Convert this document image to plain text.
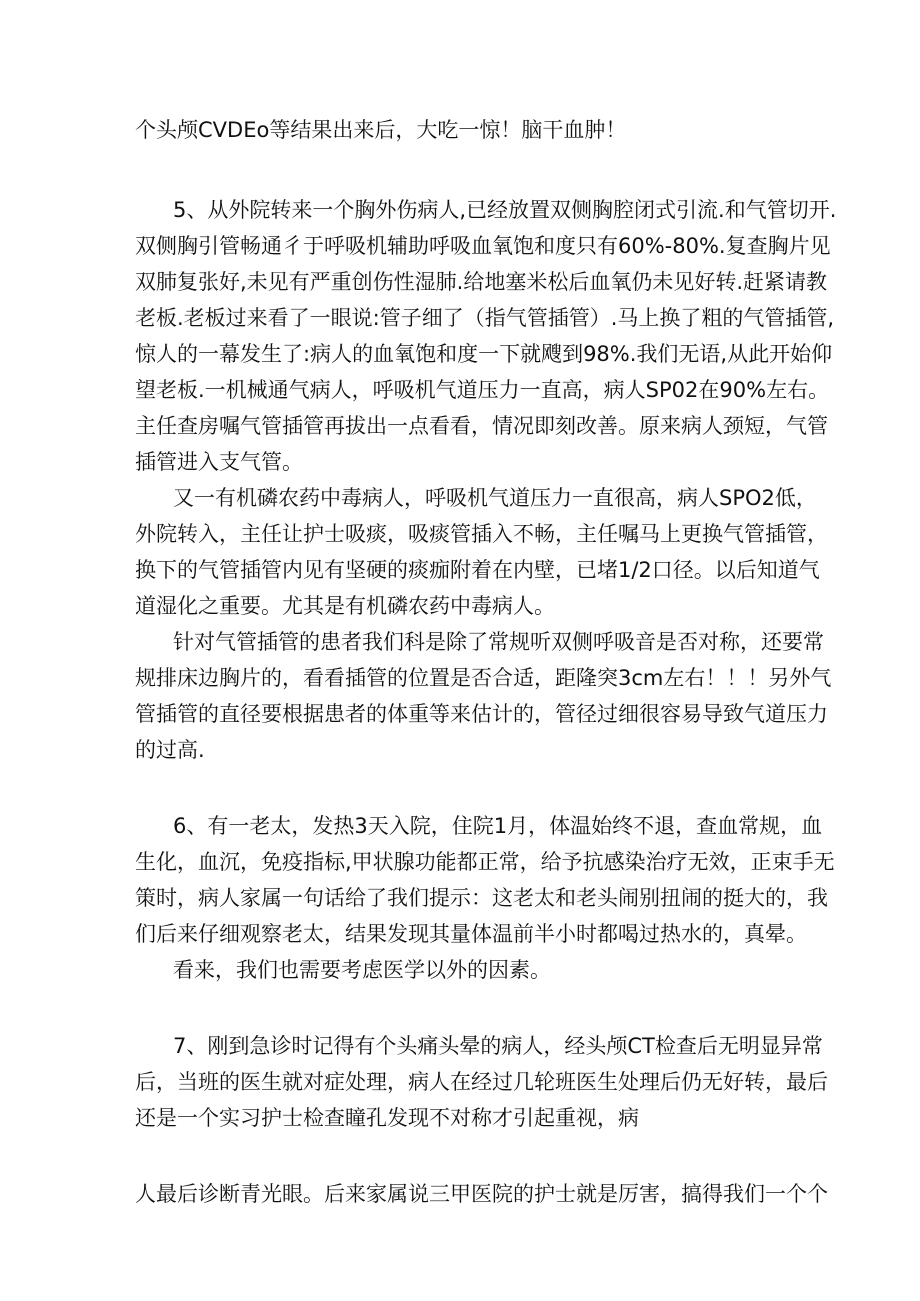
个头颅CVDEo等结果出来后，大吃一惊！脑干血肿！
5、从外院转来一个胸外伤病人,已经放置双侧胸腔闭式引流.和气管切开.
双侧胸引管畅通彳于呼吸机辅助呼吸血氧饱和度只有60%-80%.复查胸片见
双肺复张好,未见有严重创伤性湿肺.给地塞米松后血氧仍未见好转.赶紧请教
老板.老板过来看了一眼说:管子细了（指气管插管）.马上换了粗的气管插管,
惊人的一幕发生了:病人的血氧饱和度一下就飕到98%.我们无语,从此开始仰
望老板.一机械通气病人，呼吸机气道压力一直高，病人SP02在90%左右。
主任查房嘱气管插管再拔出一点看看，情况即刻改善。原来病人颈短，气管
插管进入支气管。
又一有机磷农药中毒病人，呼吸机气道压力一直很高，病人SPO2低，
外院转入，主任让护士吸痰，吸痰管插入不畅，主任嘱马上更换气管插管，
换下的气管插管内见有坚硬的痰痂附着在内壁，已堵1/2口径。以后知道气
道湿化之重要。尤其是有机磷农药中毒病人。
针对气管插管的患者我们科是除了常规听双侧呼吸音是否对称，还要常
规排床边胸片的，看看插管的位置是否合适，距隆突3cm左右！！！另外气
管插管的直径要根据患者的体重等来估计的，管径过细很容易导致气道压力
的过高.
6、有一老太，发热3天入院，住院1月，体温始终不退，查血常规，血
生化，血沉，免疫指标,甲状腺功能都正常，给予抗感染治疗无效，正束手无
策时，病人家属一句话给了我们提示：这老太和老头闹别扭闹的挺大的，我
们后来仔细观察老太，结果发现其量体温前半小时都喝过热水的，真晕。
看来，我们也需要考虑医学以外的因素。
7、刚到急诊时记得有个头痛头晕的病人，经头颅CT检查后无明显异常
后，当班的医生就对症处理，病人在经过几轮班医生处理后仍无好转，最后
还是一个实习护士检查瞳孔发现不对称才引起重视，病
人最后诊断青光眼。后来家属说三甲医院的护士就是厉害，搞得我们一个个
